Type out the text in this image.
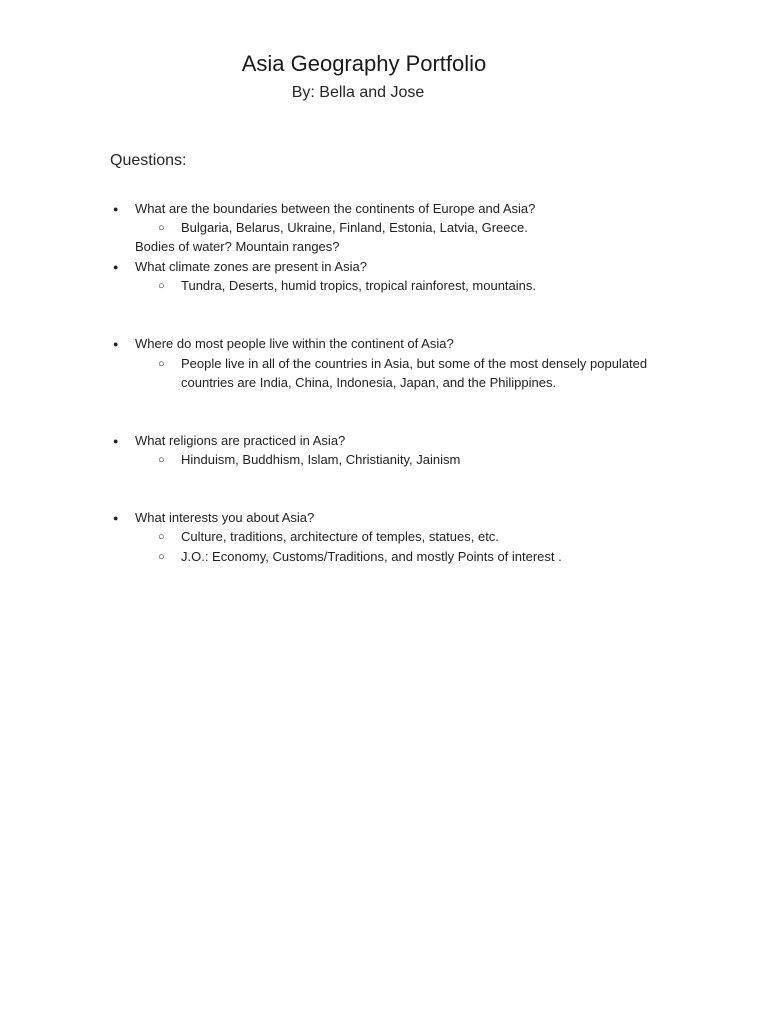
Asia Geography Portfolio
By: Bella and Jose
Questions:
● What are the boundaries between the continents of Europe and Asia?
○ Bulgaria, Belarus, Ukraine, Finland, Estonia, Latvia, Greece.
Bodies of water? Mountain ranges?
● What climate zones are present in Asia?
○ Tundra, Deserts, humid tropics, tropical rainforest, mountains.
● Where do most people live within the continent of Asia?
○ People live in all of the countries in Asia, but some of the most densely populated
countries are India, China, Indonesia, Japan, and the Philippines.
● What religions are practiced in Asia?
○ Hinduism, Buddhism, Islam, Christianity, Jainism
● What interests you about Asia?
○ Culture, traditions, architecture of temples, statues, etc.
○ J.O.: Economy, Customs/Traditions, and mostly Points of interest .
